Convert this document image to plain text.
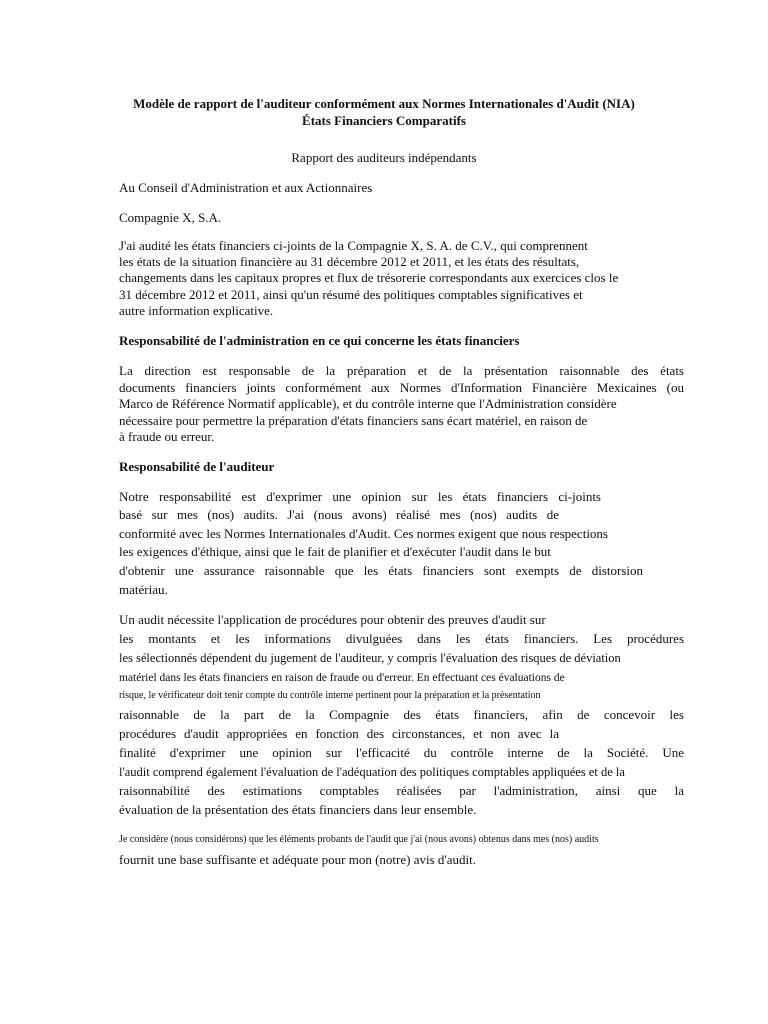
Modèle de rapport de l'auditeur conformément aux Normes Internationales d'Audit (NIA)
États Financiers Comparatifs
Rapport des auditeurs indépendants
Au Conseil d'Administration et aux Actionnaires
Compagnie X, S.A.
J'ai audité les états financiers ci-joints de la Compagnie X, S. A. de C.V., qui comprennent
les états de la situation financière au 31 décembre 2012 et 2011, et les états des résultats,
changements dans les capitaux propres et flux de trésorerie correspondants aux exercices clos le
31 décembre 2012 et 2011, ainsi qu'un résumé des politiques comptables significatives et
autre information explicative.
Responsabilité de l'administration en ce qui concerne les états financiers
La direction est responsable de la préparation et de la présentation raisonnable des états
documents financiers joints conformément aux Normes d'Information Financière Mexicaines (ou
Marco de Référence Normatif applicable), et du contrôle interne que l'Administration considère
nécessaire pour permettre la préparation d'états financiers sans écart matériel, en raison de
à fraude ou erreur.
Responsabilité de l'auditeur
Notre responsabilité est d'exprimer une opinion sur les états financiers ci-joints
basé sur mes (nos) audits. J'ai (nous avons) réalisé mes (nos) audits de
conformité avec les Normes Internationales d'Audit. Ces normes exigent que nous respections
les exigences d'éthique, ainsi que le fait de planifier et d'exécuter l'audit dans le but
d'obtenir une assurance raisonnable que les états financiers sont exempts de distorsion
matériau.
Un audit nécessite l'application de procédures pour obtenir des preuves d'audit sur
les montants et les informations divulguées dans les états financiers. Les procédures
les sélectionnés dépendent du jugement de l'auditeur, y compris l'évaluation des risques de déviation
matériel dans les états financiers en raison de fraude ou d'erreur. En effectuant ces évaluations de
risque, le vérificateur doit tenir compte du contrôle interne pertinent pour la préparation et la présentation
raisonnable de la part de la Compagnie des états financiers, afin de concevoir les
procédures d'audit appropriées en fonction des circonstances, et non avec la
finalité d'exprimer une opinion sur l'efficacité du contrôle interne de la Société. Une
l'audit comprend également l'évaluation de l'adéquation des politiques comptables appliquées et de la
raisonnabilité des estimations comptables réalisées par l'administration, ainsi que la
évaluation de la présentation des états financiers dans leur ensemble.
Je considère (nous considérons) que les éléments probants de l'audit que j'ai (nous avons) obtenus dans mes (nos) audits
fournit une base suffisante et adéquate pour mon (notre) avis d'audit.
